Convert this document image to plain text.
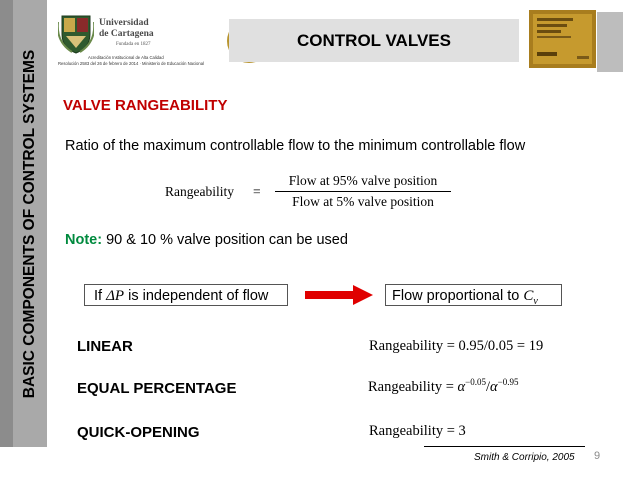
BASIC COMPONENTS OF CONTROL SYSTEMS
Universidad
de Cartagena
Fundada en 1827
Acreditación Institucional de Alta Calidad
Resolución 2583 del 26 de febrero de 2014 · Ministerio de Educación Nacional
CONTROL VALVES
VALVE RANGEABILITY
Ratio of the maximum controllable flow to the minimum controllable flow
Rangeability =
Flow at 95% valve position
Flow at 5% valve position
Note: 90 & 10 % valve position can be used
If ΔP is independent of flow	Flow proportional to $C_v$
LINEAR	Rangeability = 0.95/0.05 = 19
EQUAL PERCENTAGE	Rangeability = $\alpha^{-0.05}/\alpha^{-0.95}$
QUICK-OPENING	Rangeability = 3
Smith & Corripio, 2005 9
